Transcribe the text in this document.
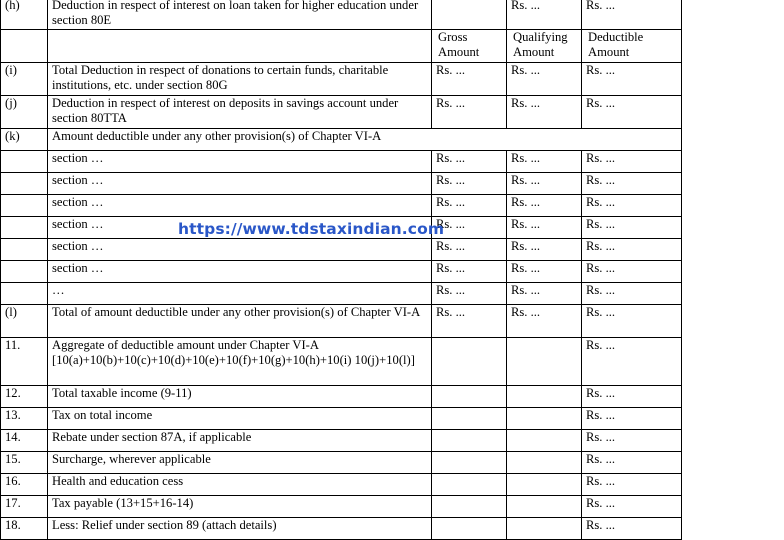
(h)	Deduction in respect of interest on loan taken for higher education under section 80E		Rs. ...	Rs. ...
		Gross Amount	Qualifying Amount	Deductible Amount
(i)	Total Deduction in respect of donations to certain funds, charitable institutions, etc. under section 80G	Rs. ...	Rs. ...	Rs. ...
(j)	Deduction in respect of interest on deposits in savings account under section 80TTA	Rs. ...	Rs. ...	Rs. ...
(k)	Amount deductible under any other provision(s) of Chapter VI-A			
	section …	Rs. ...	Rs. ...	Rs. ...
	section …	Rs. ...	Rs. ...	Rs. ...
	section …	Rs. ...	Rs. ...	Rs. ...
	section …	Rs. ...	Rs. ...	Rs. ...
	section …	Rs. ...	Rs. ...	Rs. ...
	section …	Rs. ...	Rs. ...	Rs. ...
	…	Rs. ...	Rs. ...	Rs. ...
(l)	Total of amount deductible under any other provision(s) of Chapter VI-A	Rs. ...	Rs. ...	Rs. ...
11.	Aggregate of deductible amount under Chapter VI-A [10(a)+10(b)+10(c)+10(d)+10(e)+10(f)+10(g)+10(h)+10(i) 10(j)+10(l)]			Rs. ...
12.	Total taxable income (9-11)			Rs. ...
13.	Tax on total income			Rs. ...
14.	Rebate under section 87A, if applicable			Rs. ...
15.	Surcharge, wherever applicable			Rs. ...
16.	Health and education cess			Rs. ...
17.	Tax payable (13+15+16-14)			Rs. ...
18.	Less: Relief under section 89 (attach details)			Rs. ...
https://www.tdstaxindian.com
